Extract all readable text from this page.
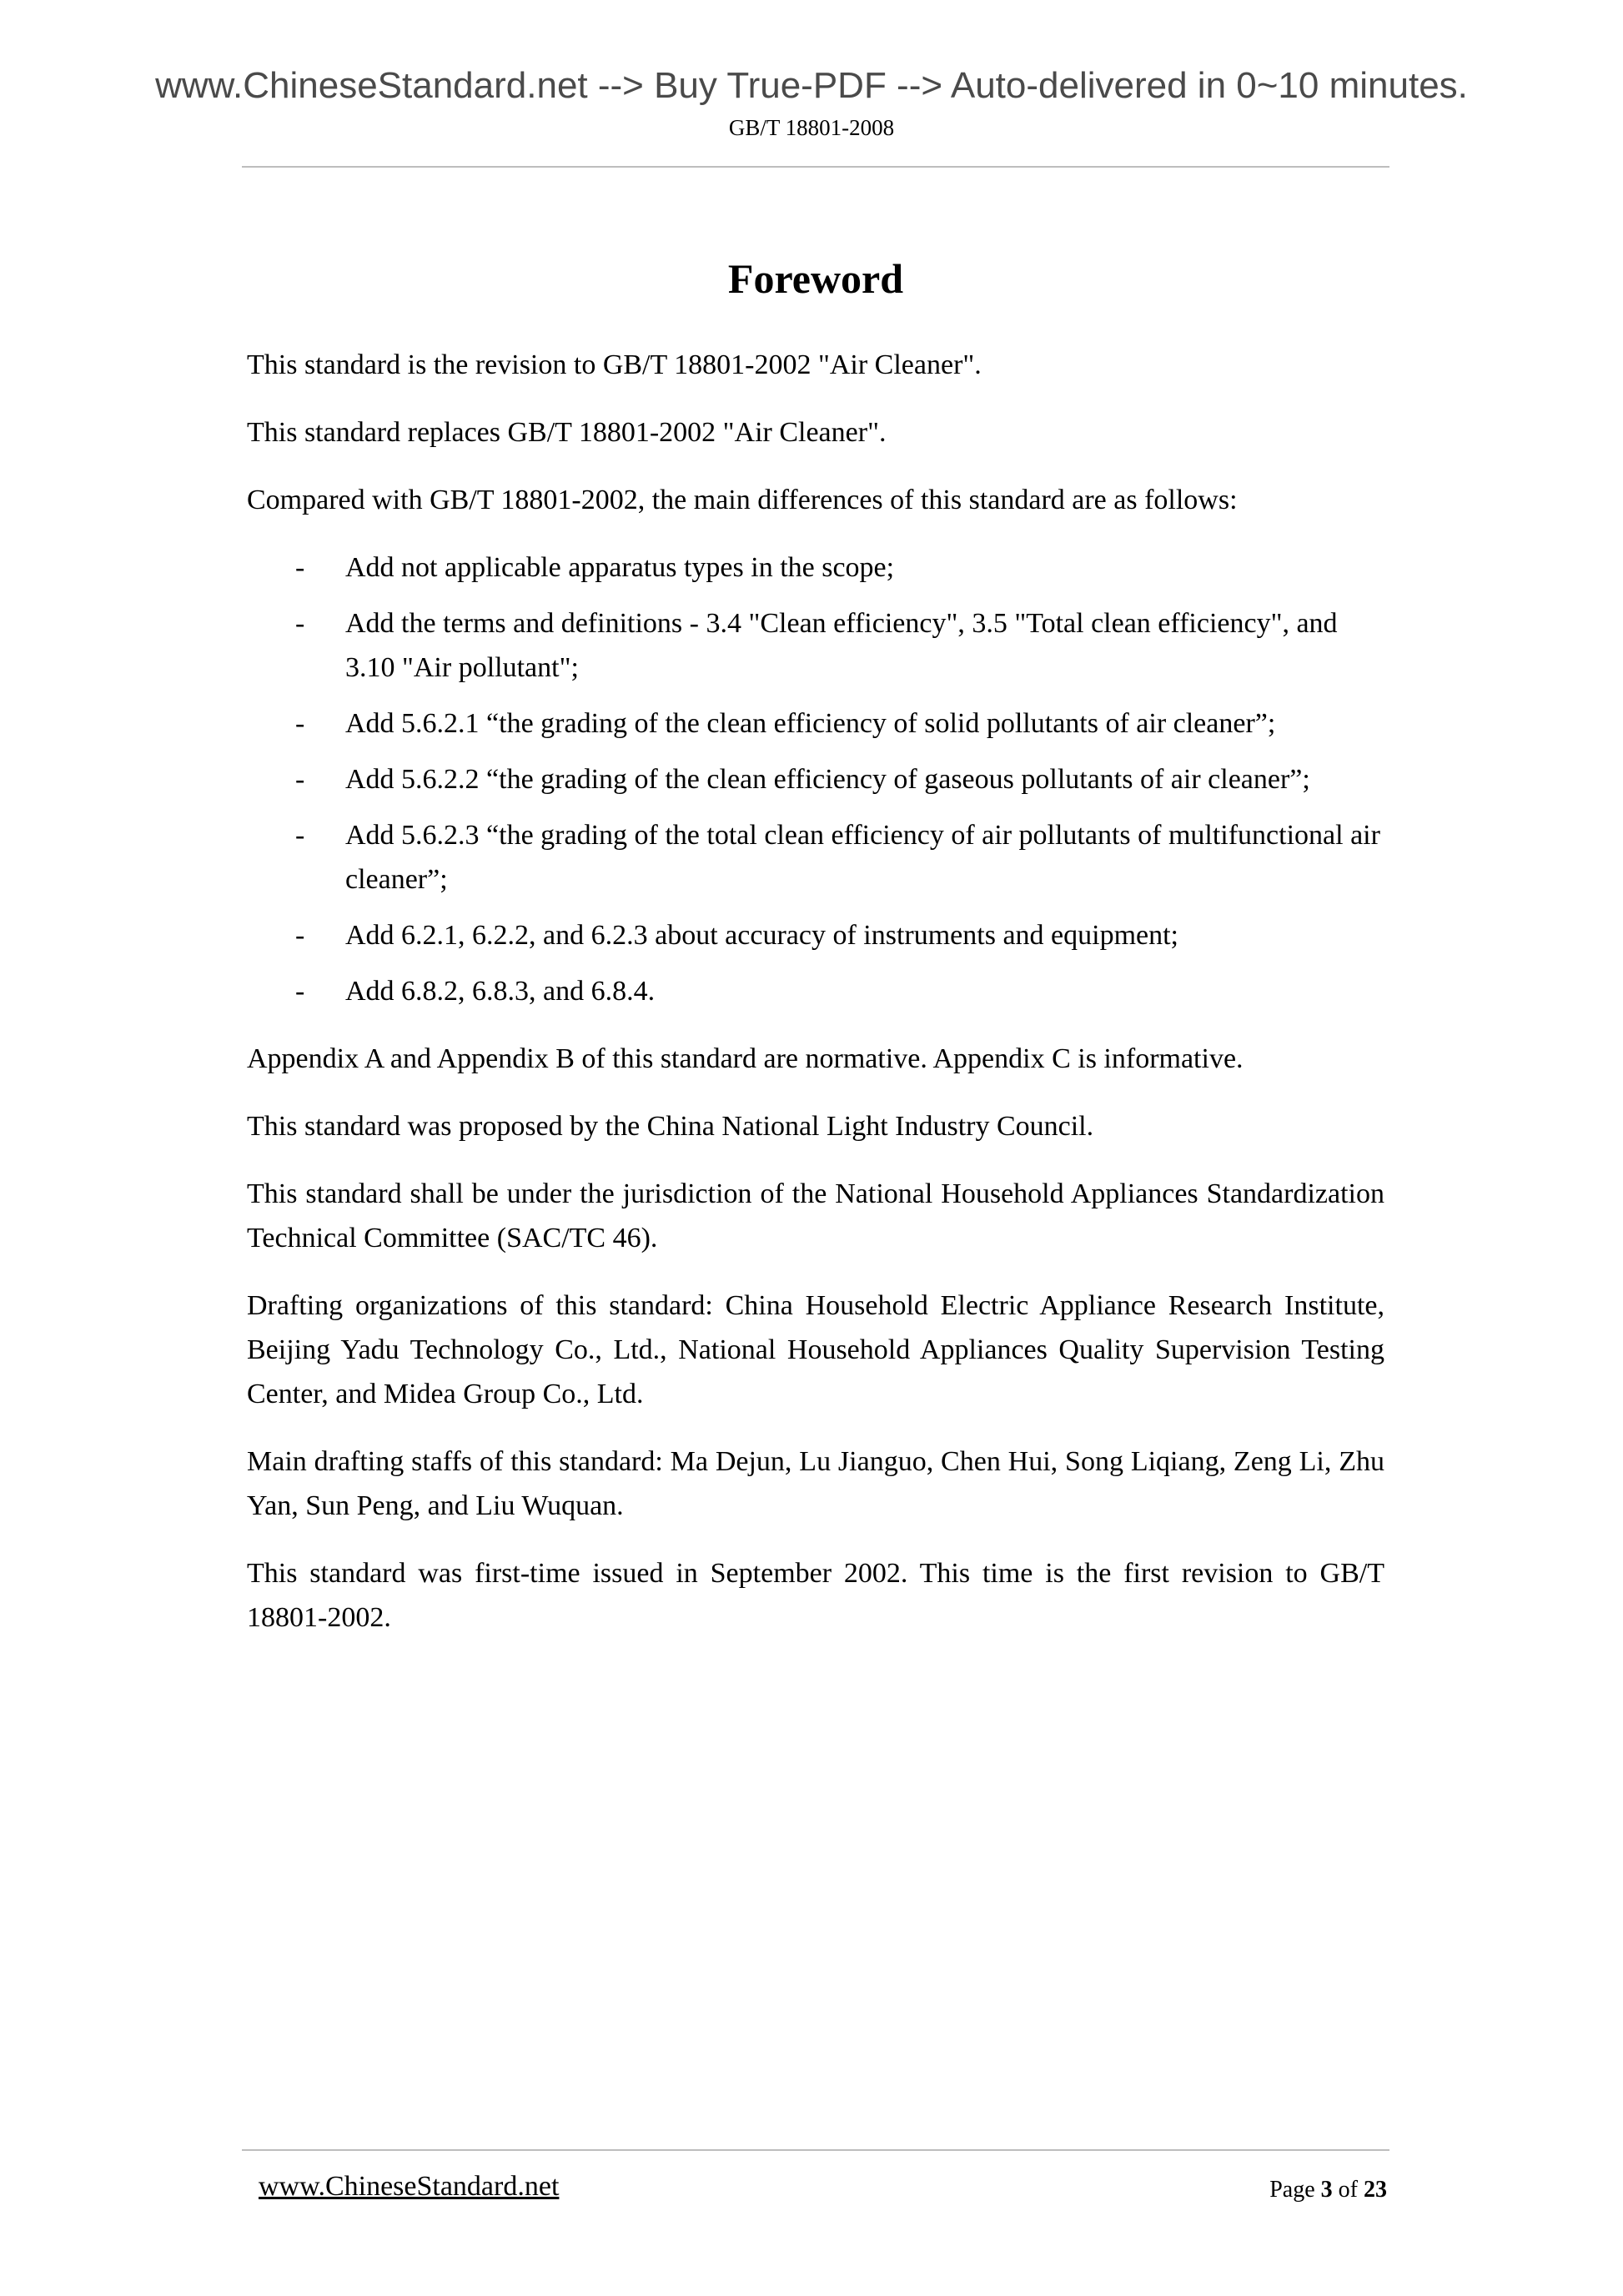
www.ChineseStandard.net --> Buy True-PDF --> Auto-delivered in 0~10 minutes.
GB/T 18801-2008
Foreword

This standard is the revision to GB/T 18801-2002 "Air Cleaner".

This standard replaces GB/T 18801-2002 "Air Cleaner".

Compared with GB/T 18801-2002, the main differences of this standard are as follows:

- Add not applicable apparatus types in the scope;
- Add the terms and definitions - 3.4 "Clean efficiency", 3.5 "Total clean efficiency", and 3.10 "Air pollutant";
- Add 5.6.2.1 “the grading of the clean efficiency of solid pollutants of air cleaner”;
- Add 5.6.2.2 “the grading of the clean efficiency of gaseous pollutants of air cleaner”;
- Add 5.6.2.3 “the grading of the total clean efficiency of air pollutants of multifunctional air cleaner”;
- Add 6.2.1, 6.2.2, and 6.2.3 about accuracy of instruments and equipment;
- Add 6.8.2, 6.8.3, and 6.8.4.

Appendix A and Appendix B of this standard are normative. Appendix C is informative.

This standard was proposed by the China National Light Industry Council.

This standard shall be under the jurisdiction of the National Household Appliances Standardization Technical Committee (SAC/TC 46).

Drafting organizations of this standard: China Household Electric Appliance Research Institute, Beijing Yadu Technology Co., Ltd., National Household Appliances Quality Supervision Testing Center, and Midea Group Co., Ltd.

Main drafting staffs of this standard: Ma Dejun, Lu Jianguo, Chen Hui, Song Liqiang, Zeng Li, Zhu Yan, Sun Peng, and Liu Wuquan.

This standard was first-time issued in September 2002. This time is the first revision to GB/T 18801-2002.

www.ChineseStandard.net	Page 3 of 23
